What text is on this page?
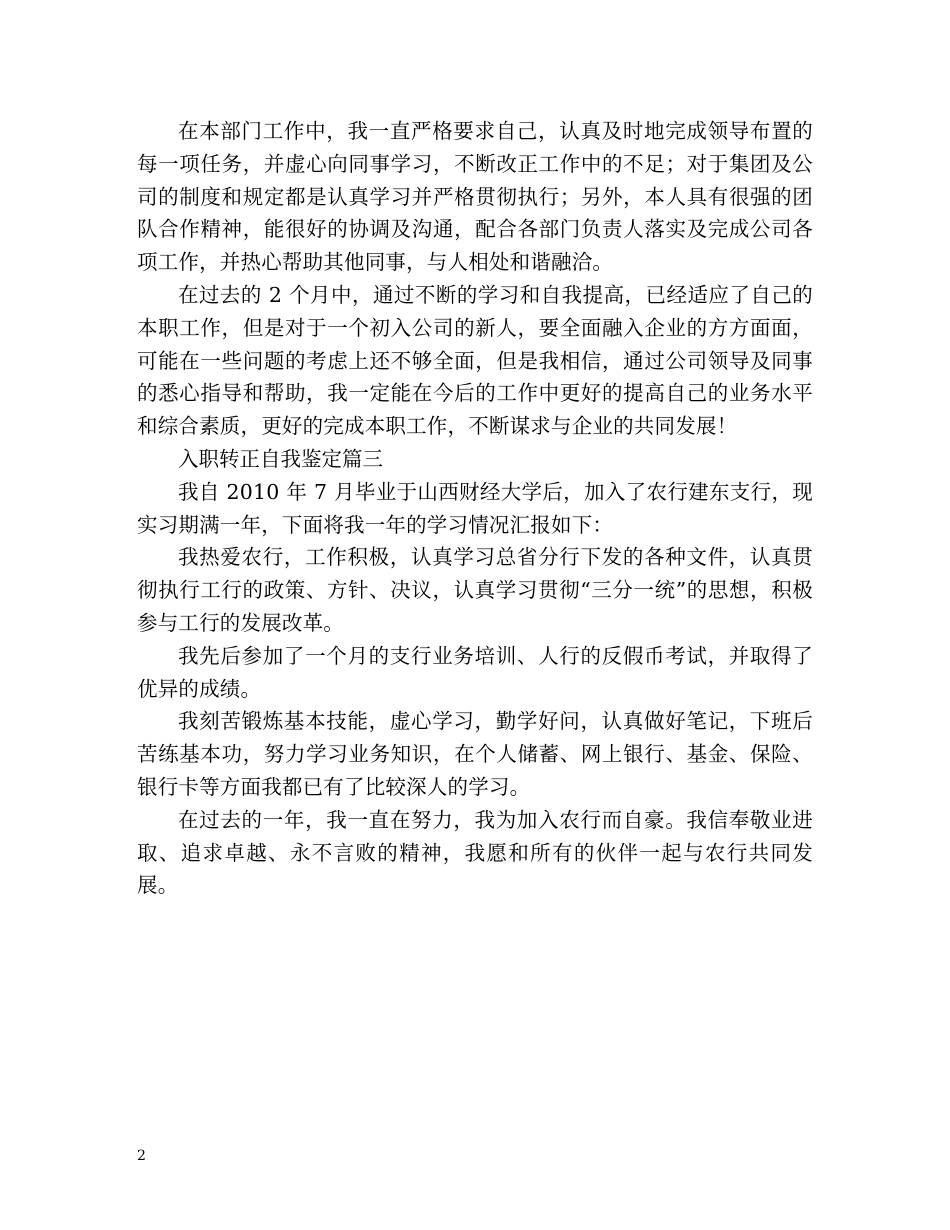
在本部门工作中，我一直严格要求自己，认真及时地完成领导布置的每一项任务，并虚心向同事学习，不断改正工作中的不足；对于集团及公司的制度和规定都是认真学习并严格贯彻执行；另外，本人具有很强的团队合作精神，能很好的协调及沟通，配合各部门负责人落实及完成公司各项工作，并热心帮助其他同事，与人相处和谐融洽。

在过去的 2 个月中，通过不断的学习和自我提高，已经适应了自己的本职工作，但是对于一个初入公司的新人，要全面融入企业的方方面面，可能在一些问题的考虑上还不够全面，但是我相信，通过公司领导及同事的悉心指导和帮助，我一定能在今后的工作中更好的提高自己的业务水平和综合素质，更好的完成本职工作，不断谋求与企业的共同发展！

入职转正自我鉴定篇三

我自 2010 年 7 月毕业于山西财经大学后，加入了农行建东支行，现实习期满一年，下面将我一年的学习情况汇报如下：

我热爱农行，工作积极，认真学习总省分行下发的各种文件，认真贯彻执行工行的政策、方针、决议，认真学习贯彻“三分一统”的思想，积极参与工行的发展改革。

我先后参加了一个月的支行业务培训、人行的反假币考试，并取得了优异的成绩。

我刻苦锻炼基本技能，虚心学习，勤学好问，认真做好笔记，下班后苦练基本功，努力学习业务知识，在个人储蓄、网上银行、基金、保险、银行卡等方面我都已有了比较深人的学习。

在过去的一年，我一直在努力，我为加入农行而自豪。我信奉敬业进取、追求卓越、永不言败的精神，我愿和所有的伙伴一起与农行共同发展。

2
